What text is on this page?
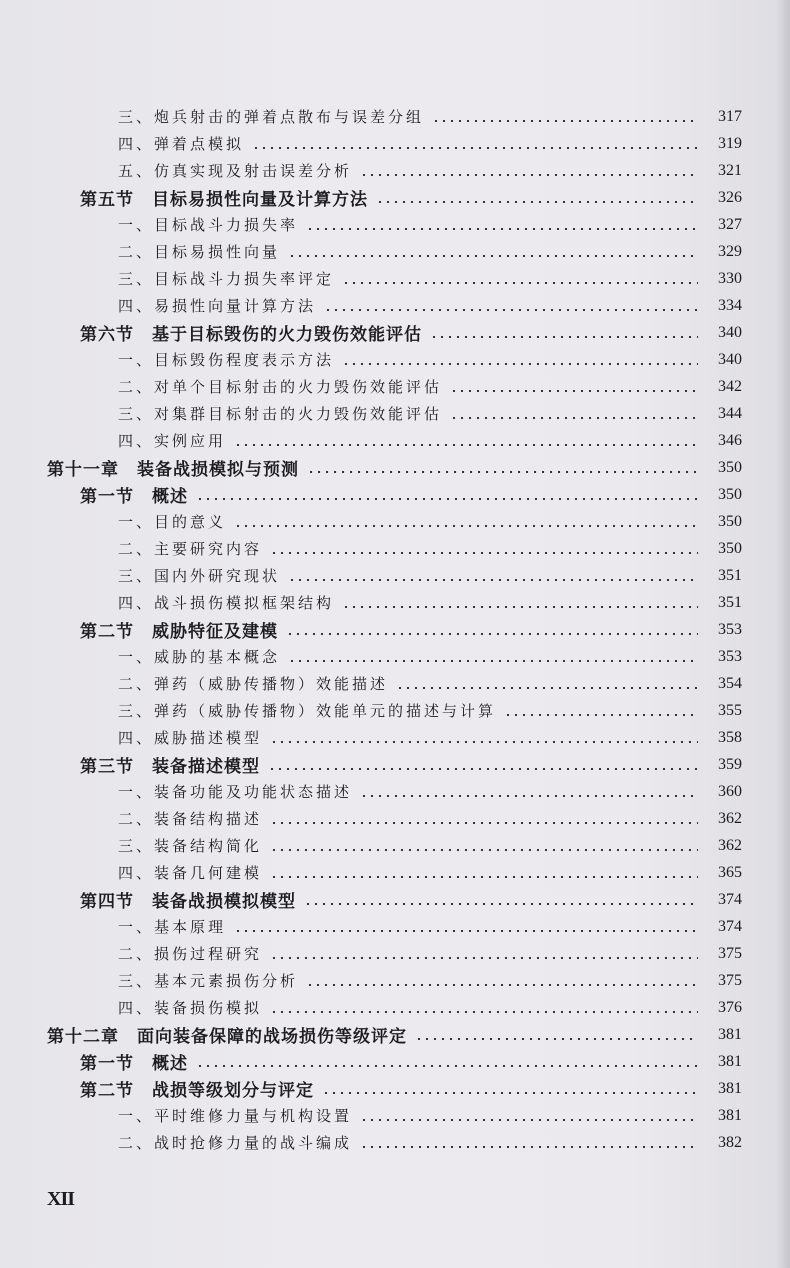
三、炮兵射击的弹着点散布与误差分组	317
四、弹着点模拟	319
五、仿真实现及射击误差分析	321
第五节　目标易损性向量及计算方法	326
一、目标战斗力损失率	327
二、目标易损性向量	329
三、目标战斗力损失率评定	330
四、易损性向量计算方法	334
第六节　基于目标毁伤的火力毁伤效能评估	340
一、目标毁伤程度表示方法	340
二、对单个目标射击的火力毁伤效能评估	342
三、对集群目标射击的火力毁伤效能评估	344
四、实例应用	346
第十一章　装备战损模拟与预测	350
第一节　概述	350
一、目的意义	350
二、主要研究内容	350
三、国内外研究现状	351
四、战斗损伤模拟框架结构	351
第二节　威胁特征及建模	353
一、威胁的基本概念	353
二、弹药（威胁传播物）效能描述	354
三、弹药（威胁传播物）效能单元的描述与计算	355
四、威胁描述模型	358
第三节　装备描述模型	359
一、装备功能及功能状态描述	360
二、装备结构描述	362
三、装备结构简化	362
四、装备几何建模	365
第四节　装备战损模拟模型	374
一、基本原理	374
二、损伤过程研究	375
三、基本元素损伤分析	375
四、装备损伤模拟	376
第十二章　面向装备保障的战场损伤等级评定	381
第一节　概述	381
第二节　战损等级划分与评定	381
一、平时维修力量与机构设置	381
二、战时抢修力量的战斗编成	382
XII
